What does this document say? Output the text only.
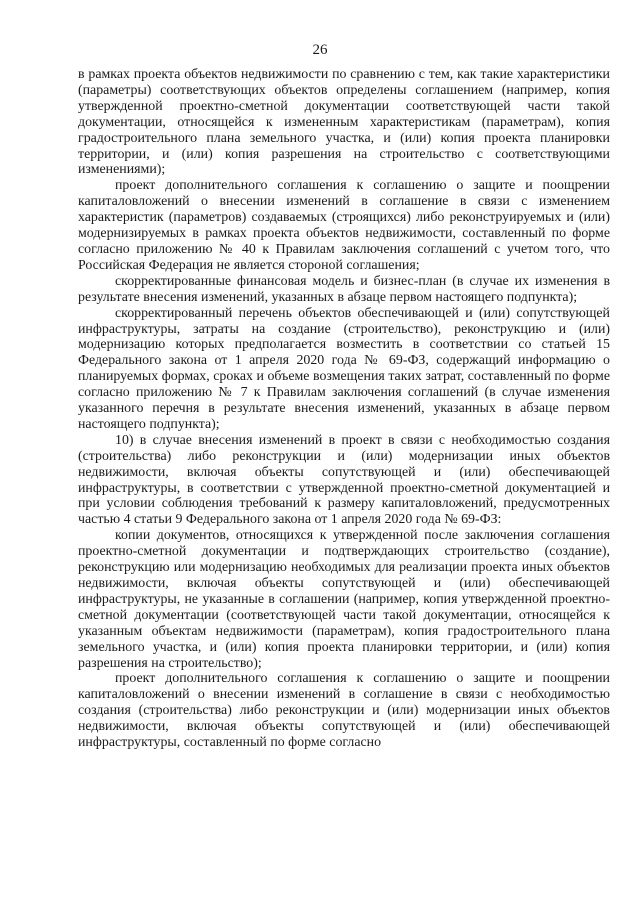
26

в рамках проекта объектов недвижимости по сравнению с тем, как такие характеристики (параметры) соответствующих объектов определены соглашением (например, копия утвержденной проектно-сметной документации соответствующей части такой документации, относящейся к измененным характеристикам (параметрам), копия градостроительного плана земельного участка, и (или) копия проекта планировки территории, и (или) копия разрешения на строительство с соответствующими изменениями);

проект дополнительного соглашения к соглашению о защите и поощрении капиталовложений о внесении изменений в соглашение в связи с изменением характеристик (параметров) создаваемых (строящихся) либо реконструируемых и (или) модернизируемых в рамках проекта объектов недвижимости, составленный по форме согласно приложению № 40 к Правилам заключения соглашений с учетом того, что Российская Федерация не является стороной соглашения;

скорректированные финансовая модель и бизнес-план (в случае их изменения в результате внесения изменений, указанных в абзаце первом настоящего подпункта);

скорректированный перечень объектов обеспечивающей и (или) сопутствующей инфраструктуры, затраты на создание (строительство), реконструкцию и (или) модернизацию которых предполагается возместить в соответствии со статьей 15 Федерального закона от 1 апреля 2020 года № 69-ФЗ, содержащий информацию о планируемых формах, сроках и объеме возмещения таких затрат, составленный по форме согласно приложению № 7 к Правилам заключения соглашений (в случае изменения указанного перечня в результате внесения изменений, указанных в абзаце первом настоящего подпункта);

10) в случае внесения изменений в проект в связи с необходимостью создания (строительства) либо реконструкции и (или) модернизации иных объектов недвижимости, включая объекты сопутствующей и (или) обеспечивающей инфраструктуры, в соответствии с утвержденной проектно-сметной документацией и при условии соблюдения требований к размеру капиталовложений, предусмотренных частью 4 статьи 9 Федерального закона от 1 апреля 2020 года № 69-ФЗ:

копии документов, относящихся к утвержденной после заключения соглашения проектно-сметной документации и подтверждающих строительство (создание), реконструкцию или модернизацию необходимых для реализации проекта иных объектов недвижимости, включая объекты сопутствующей и (или) обеспечивающей инфраструктуры, не указанные в соглашении (например, копия утвержденной проектно-сметной документации (соответствующей части такой документации, относящейся к указанным объектам недвижимости (параметрам), копия градостроительного плана земельного участка, и (или) копия проекта планировки территории, и (или) копия разрешения на строительство);

проект дополнительного соглашения к соглашению о защите и поощрении капиталовложений о внесении изменений в соглашение в связи с необходимостью создания (строительства) либо реконструкции и (или) модернизации иных объектов недвижимости, включая объекты сопутствующей и (или) обеспечивающей инфраструктуры, составленный по форме согласно
